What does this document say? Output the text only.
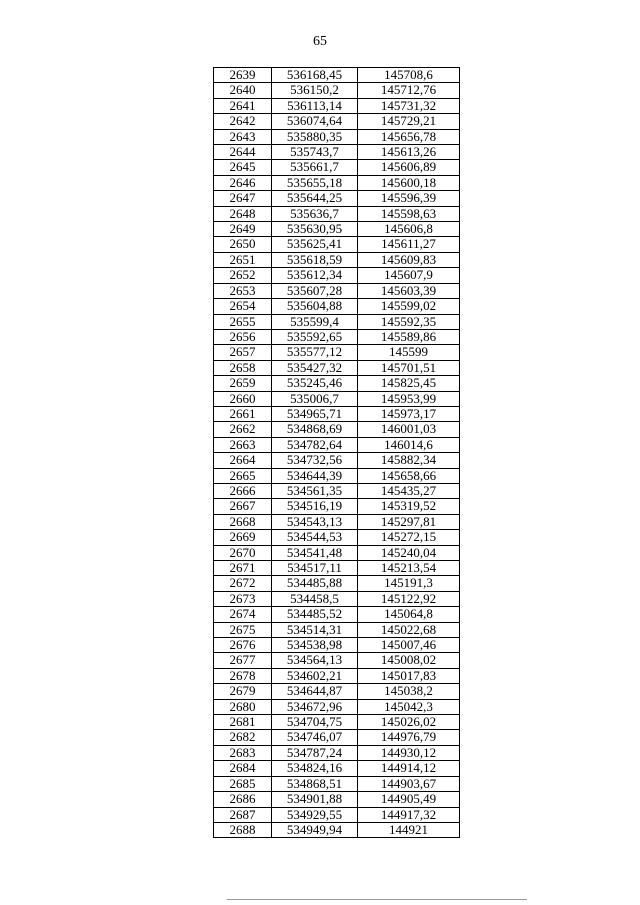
65
2639	536168,45	145708,6
2640	536150,2	145712,76
2641	536113,14	145731,32
2642	536074,64	145729,21
2643	535880,35	145656,78
2644	535743,7	145613,26
2645	535661,7	145606,89
2646	535655,18	145600,18
2647	535644,25	145596,39
2648	535636,7	145598,63
2649	535630,95	145606,8
2650	535625,41	145611,27
2651	535618,59	145609,83
2652	535612,34	145607,9
2653	535607,28	145603,39
2654	535604,88	145599,02
2655	535599,4	145592,35
2656	535592,65	145589,86
2657	535577,12	145599
2658	535427,32	145701,51
2659	535245,46	145825,45
2660	535006,7	145953,99
2661	534965,71	145973,17
2662	534868,69	146001,03
2663	534782,64	146014,6
2664	534732,56	145882,34
2665	534644,39	145658,66
2666	534561,35	145435,27
2667	534516,19	145319,52
2668	534543,13	145297,81
2669	534544,53	145272,15
2670	534541,48	145240,04
2671	534517,11	145213,54
2672	534485,88	145191,3
2673	534458,5	145122,92
2674	534485,52	145064,8
2675	534514,31	145022,68
2676	534538,98	145007,46
2677	534564,13	145008,02
2678	534602,21	145017,83
2679	534644,87	145038,2
2680	534672,96	145042,3
2681	534704,75	145026,02
2682	534746,07	144976,79
2683	534787,24	144930,12
2684	534824,16	144914,12
2685	534868,51	144903,67
2686	534901,88	144905,49
2687	534929,55	144917,32
2688	534949,94	144921
